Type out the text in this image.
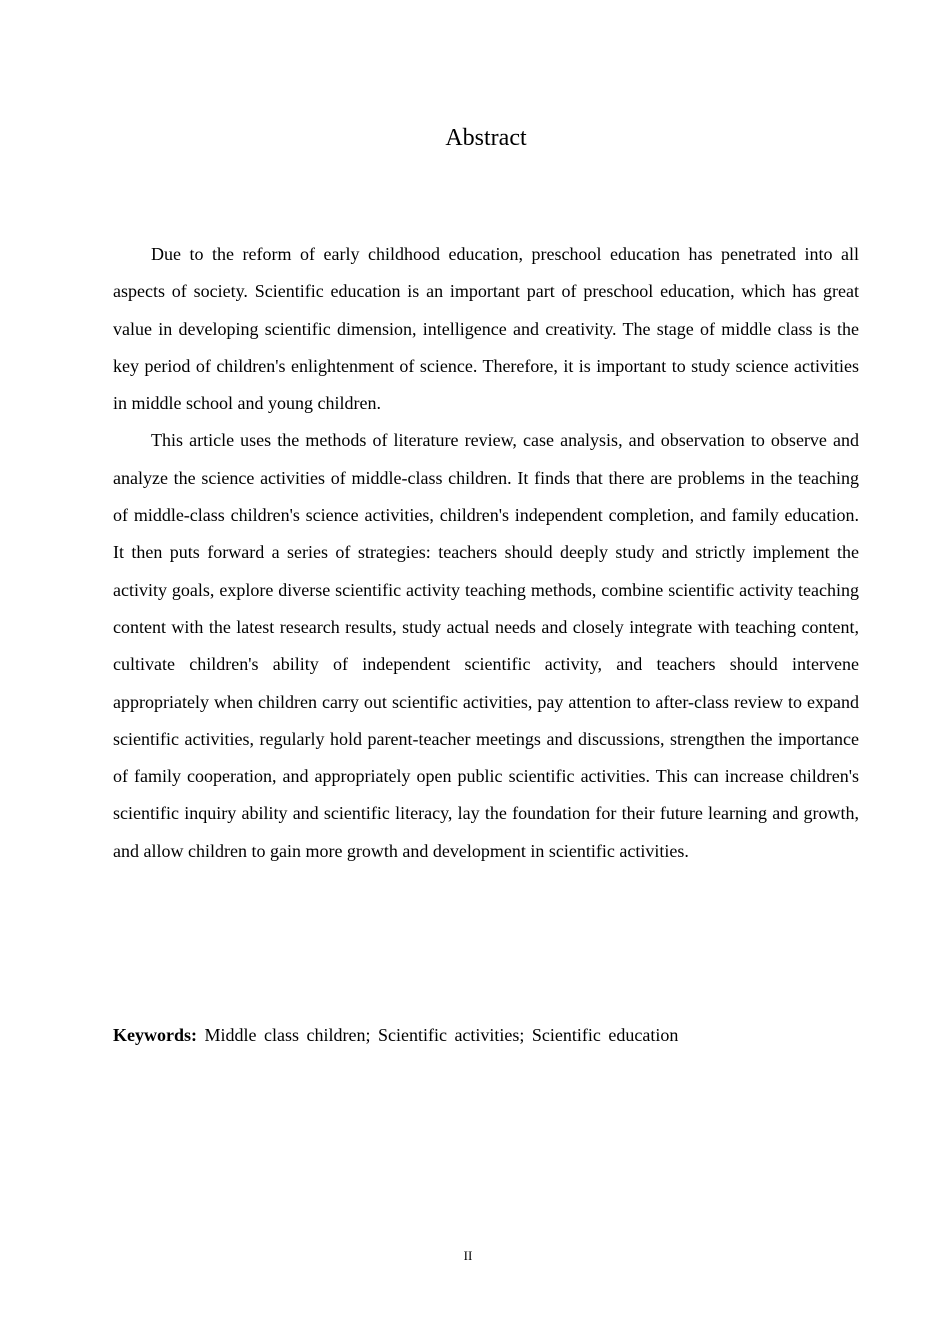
Abstract

Due to the reform of early childhood education, preschool education has penetrated into all aspects of society. Scientific education is an important part of preschool education, which has great value in developing scientific dimension, intelligence and creativity. The stage of middle class is the key period of children's enlightenment of science. Therefore, it is important to study science activities in middle school and young children.

This article uses the methods of literature review, case analysis, and observation to observe and analyze the science activities of middle-class children. It finds that there are problems in the teaching of middle-class children's science activities, children's independent completion, and family education. It then puts forward a series of strategies: teachers should deeply study and strictly implement the activity goals, explore diverse scientific activity teaching methods, combine scientific activity teaching content with the latest research results, study actual needs and closely integrate with teaching content, cultivate children's ability of independent scientific activity, and teachers should intervene appropriately when children carry out scientific activities, pay attention to after-class review to expand scientific activities, regularly hold parent-teacher meetings and discussions, strengthen the importance of family cooperation, and appropriately open public scientific activities. This can increase children's scientific inquiry ability and scientific literacy, lay the foundation for their future learning and growth, and allow children to gain more growth and development in scientific activities.

Keywords: Middle class children; Scientific activities; Scientific education
II
